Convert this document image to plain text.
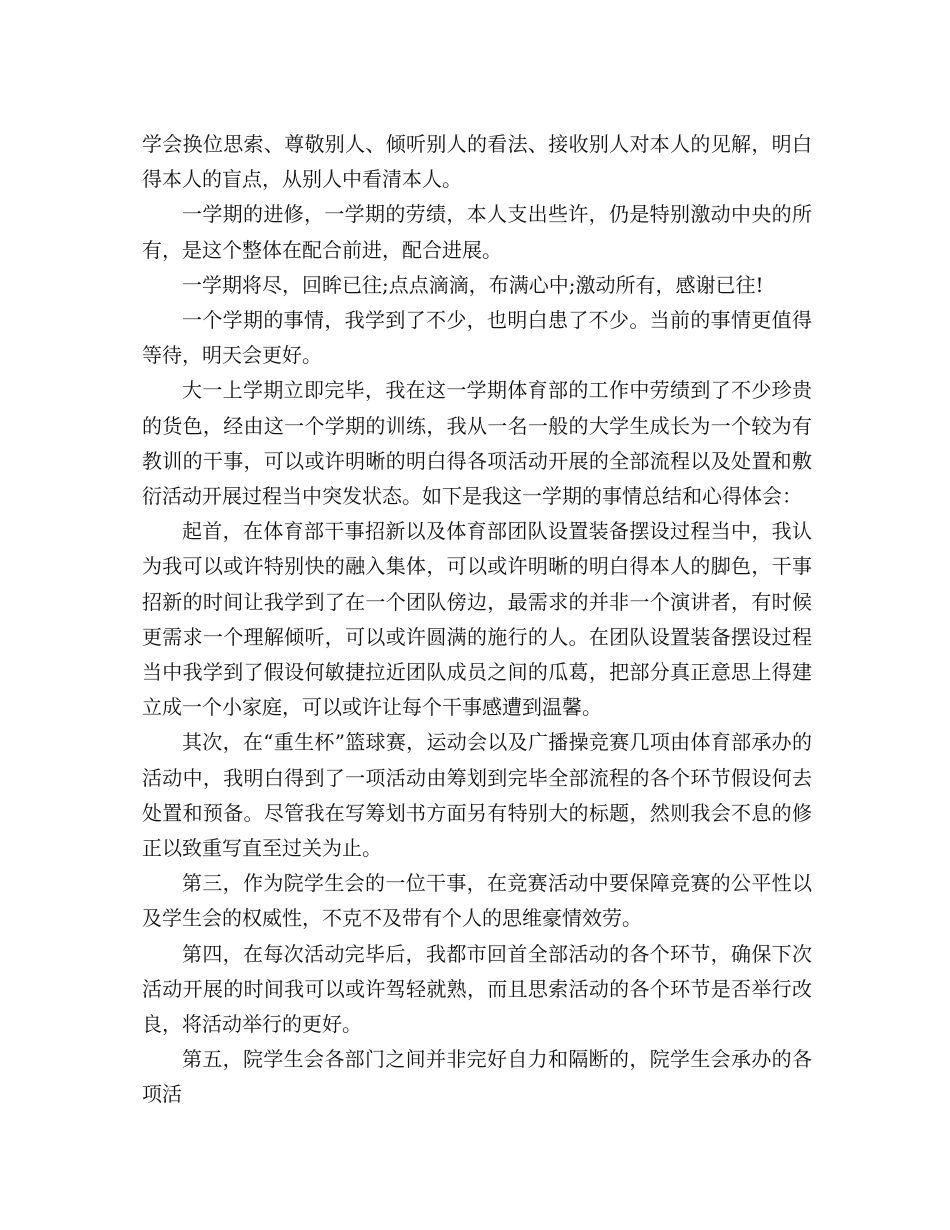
学会换位思索、尊敬别人、倾听别人的看法、接收别人对本人的见解，明白得本人的盲点，从别人中看清本人。

一学期的进修，一学期的劳绩，本人支出些许，仍是特别激动中央的所有，是这个整体在配合前进，配合进展。

一学期将尽，回眸已往;点点滴滴，布满心中;激动所有，感谢已往!

一个学期的事情，我学到了不少，也明白患了不少。当前的事情更值得等待，明天会更好。

大一上学期立即完毕，我在这一学期体育部的工作中劳绩到了不少珍贵的货色，经由这一个学期的训练，我从一名一般的大学生成长为一个较为有教训的干事，可以或许明晰的明白得各项活动开展的全部流程以及处置和敷衍活动开展过程当中突发状态。如下是我这一学期的事情总结和心得体会：

起首，在体育部干事招新以及体育部团队设置装备摆设过程当中，我认为我可以或许特别快的融入集体，可以或许明晰的明白得本人的脚色，干事招新的时间让我学到了在一个团队傍边，最需求的并非一个演讲者，有时候更需求一个理解倾听，可以或许圆满的施行的人。在团队设置装备摆设过程当中我学到了假设何敏捷拉近团队成员之间的瓜葛，把部分真正意思上得建立成一个小家庭，可以或许让每个干事感遭到温馨。

其次，在“重生杯”篮球赛，运动会以及广播操竞赛几项由体育部承办的活动中，我明白得到了一项活动由筹划到完毕全部流程的各个环节假设何去处置和预备。尽管我在写筹划书方面另有特别大的标题，然则我会不息的修正以致重写直至过关为止。

第三，作为院学生会的一位干事，在竞赛活动中要保障竞赛的公平性以及学生会的权威性，不克不及带有个人的思维豪情效劳。

第四，在每次活动完毕后，我都市回首全部活动的各个环节，确保下次活动开展的时间我可以或许驾轻就熟，而且思索活动的各个环节是否举行改良，将活动举行的更好。

第五，院学生会各部门之间并非完好自力和隔断的，院学生会承办的各项活
